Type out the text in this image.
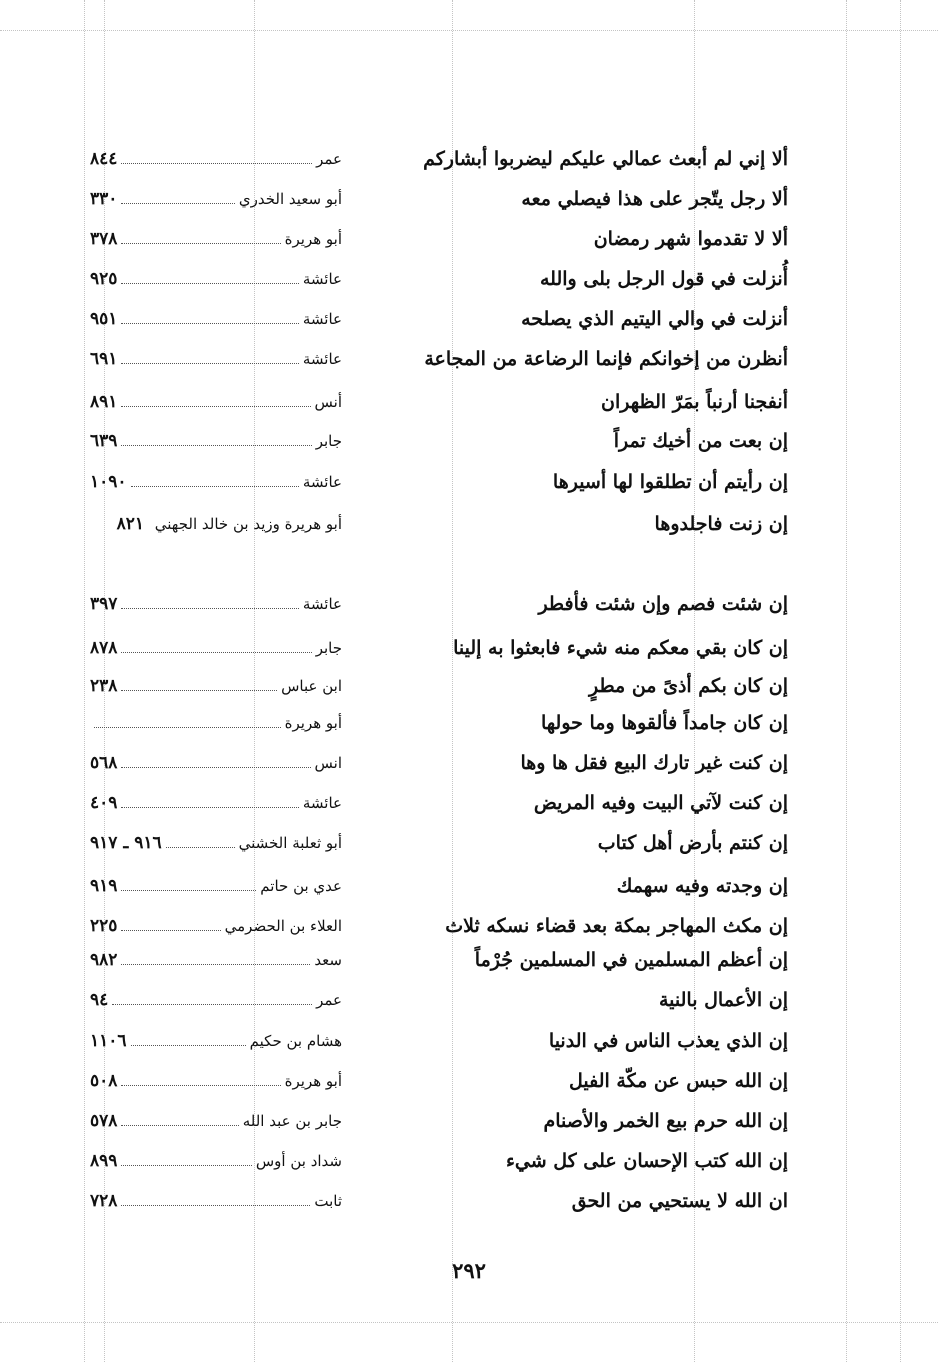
ألا إني لم أبعث عمالي عليكم ليضربوا أبشاركم
عمر
٨٤٤
ألا رجل يتّجر على هذا فيصلي معه
أبو سعيد الخدري
٣٣٠
ألا لا تقدموا شهر رمضان
أبو هريرة
٣٧٨
أُنزلت في قول الرجل بلى والله
عائشة
٩٢٥
أنزلت في والي اليتيم الذي يصلحه
عائشة
٩٥١
أنظرن من إخوانكم فإنما الرضاعة من المجاعة
عائشة
٦٩١
أنفجنا أرنباً بمَرّ الظهران
أنس
٨٩١
إن بعت من أخيك تمراً
جابر
٦٣٩
إن رأيتم أن تطلقوا لها أسيرها
عائشة
١٠٩٠
إن زنت فاجلدوها
أبو هريرة وزيد بن خالد الجهني ٨٢١
إن شئت فصم وإن شئت فأفطر
عائشة
٣٩٧
إن كان بقي معكم منه شيء فابعثوا به إلينا
جابر
٨٧٨
إن كان بكم أذىً من مطرٍ
ابن عباس
٢٣٨
إن كان جامداً فألقوها وما حولها
أبو هريرة
إن كنت غير تارك البيع فقل ها وها
انس
٥٦٨
إن كنت لآتي البيت وفيه المريض
عائشة
٤٠٩
إن كنتم بأرض أهل كتاب
أبو ثعلبة الخشني
٩١٦ ـ ٩١٧
إن وجدته وفيه سهمك
عدي بن حاتم
٩١٩
إن مكث المهاجر بمكة بعد قضاء نسكه ثلاث
العلاء بن الحضرمي
٢٢٥
إن أعظم المسلمين في المسلمين جُرْماً
سعد
٩٨٢
إن الأعمال بالنية
عمر
٩٤
إن الذي يعذب الناس في الدنيا
هشام بن حكيم
١١٠٦
إن الله حبس عن مكّة الفيل
أبو هريرة
٥٠٨
إن الله حرم بيع الخمر والأصنام
جابر بن عبد الله
٥٧٨
إن الله كتب الإحسان على كل شيء
شداد بن أوس
٨٩٩
ان الله لا يستحيي من الحق
ثابت
٧٢٨
٢٩٢
